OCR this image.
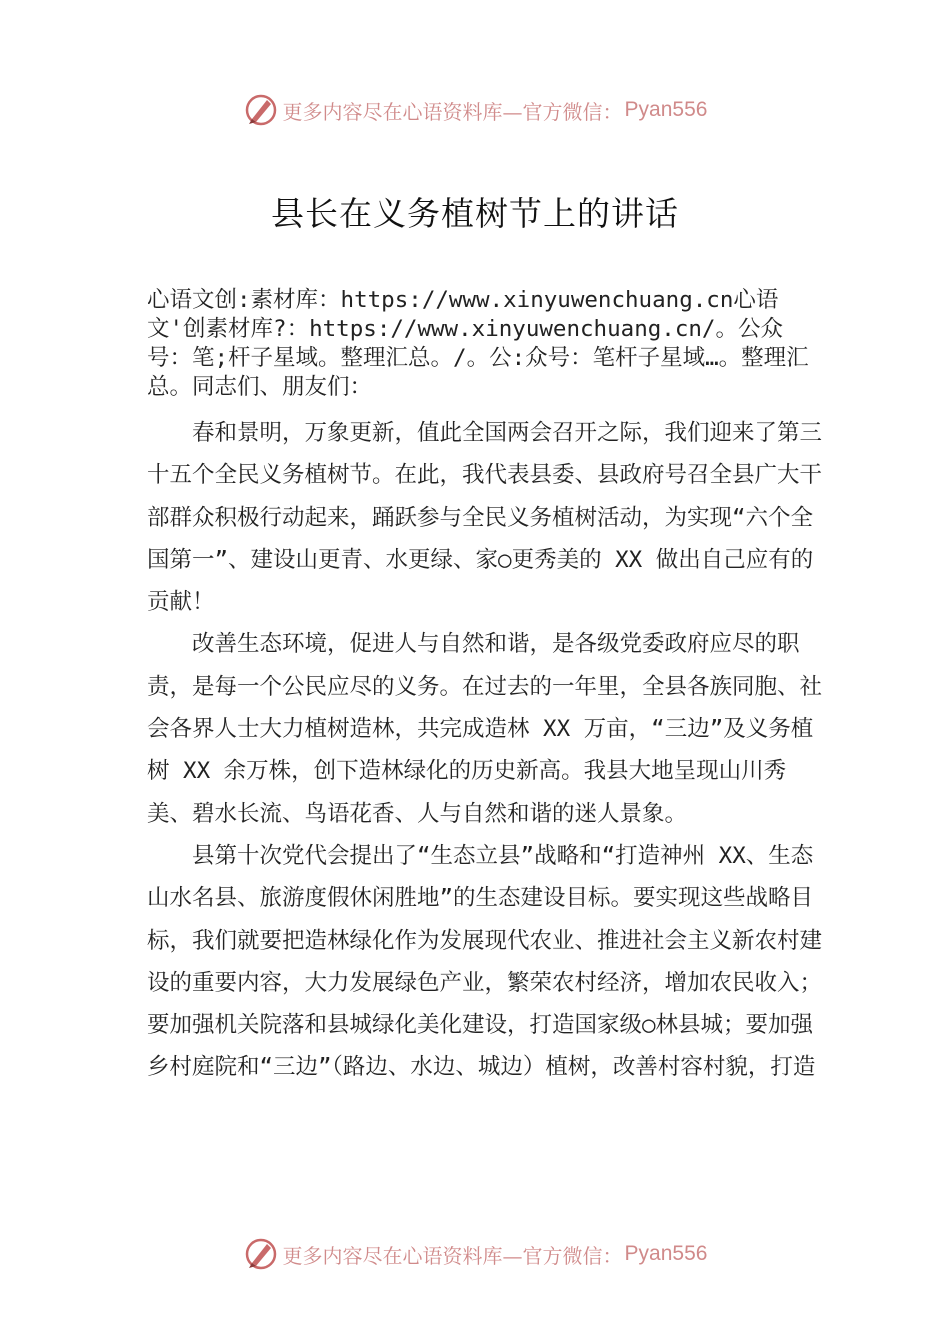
更多内容尽在心语资料库—官方微信： Pyan556
县长在义务植树节上的讲话
心语文创:素材库：https://www.xinyuwenchuang.cn心语文'创素材库?：https://www.xinyuwenchuang.cn/。公众号：笔;杆子星域。整理汇总。/。公:众号：笔杆子星域…。整理汇总。同志们、朋友们：

春和景明，万象更新，值此全国两会召开之际，我们迎来了第三十五个全民义务植树节。在此，我代表县委、县政府号召全县广大干部群众积极行动起来，踊跃参与全民义务植树活动，为实现“六个全国第一”、建设山更青、水更绿、家○更秀美的 XX 做出自己应有的贡献！

改善生态环境，促进人与自然和谐，是各级党委政府应尽的职责，是每一个公民应尽的义务。在过去的一年里，全县各族同胞、社会各界人士大力植树造林，共完成造林 XX 万亩，“三边”及义务植树 XX 余万株，创下造林绿化的历史新高。我县大地呈现山川秀美、碧水长流、鸟语花香、人与自然和谐的迷人景象。

县第十次党代会提出了“生态立县”战略和“打造神州 XX、生态山水名县、旅游度假休闲胜地”的生态建设目标。要实现这些战略目标，我们就要把造林绿化作为发展现代农业、推进社会主义新农村建设的重要内容，大力发展绿色产业，繁荣农村经济，增加农民收入；要加强机关院落和县城绿化美化建设，打造国家级○林县城；要加强乡村庭院和“三边”（路边、水边、城边）植树，改善村容村貌，打造

更多内容尽在心语资料库—官方微信： Pyan556
